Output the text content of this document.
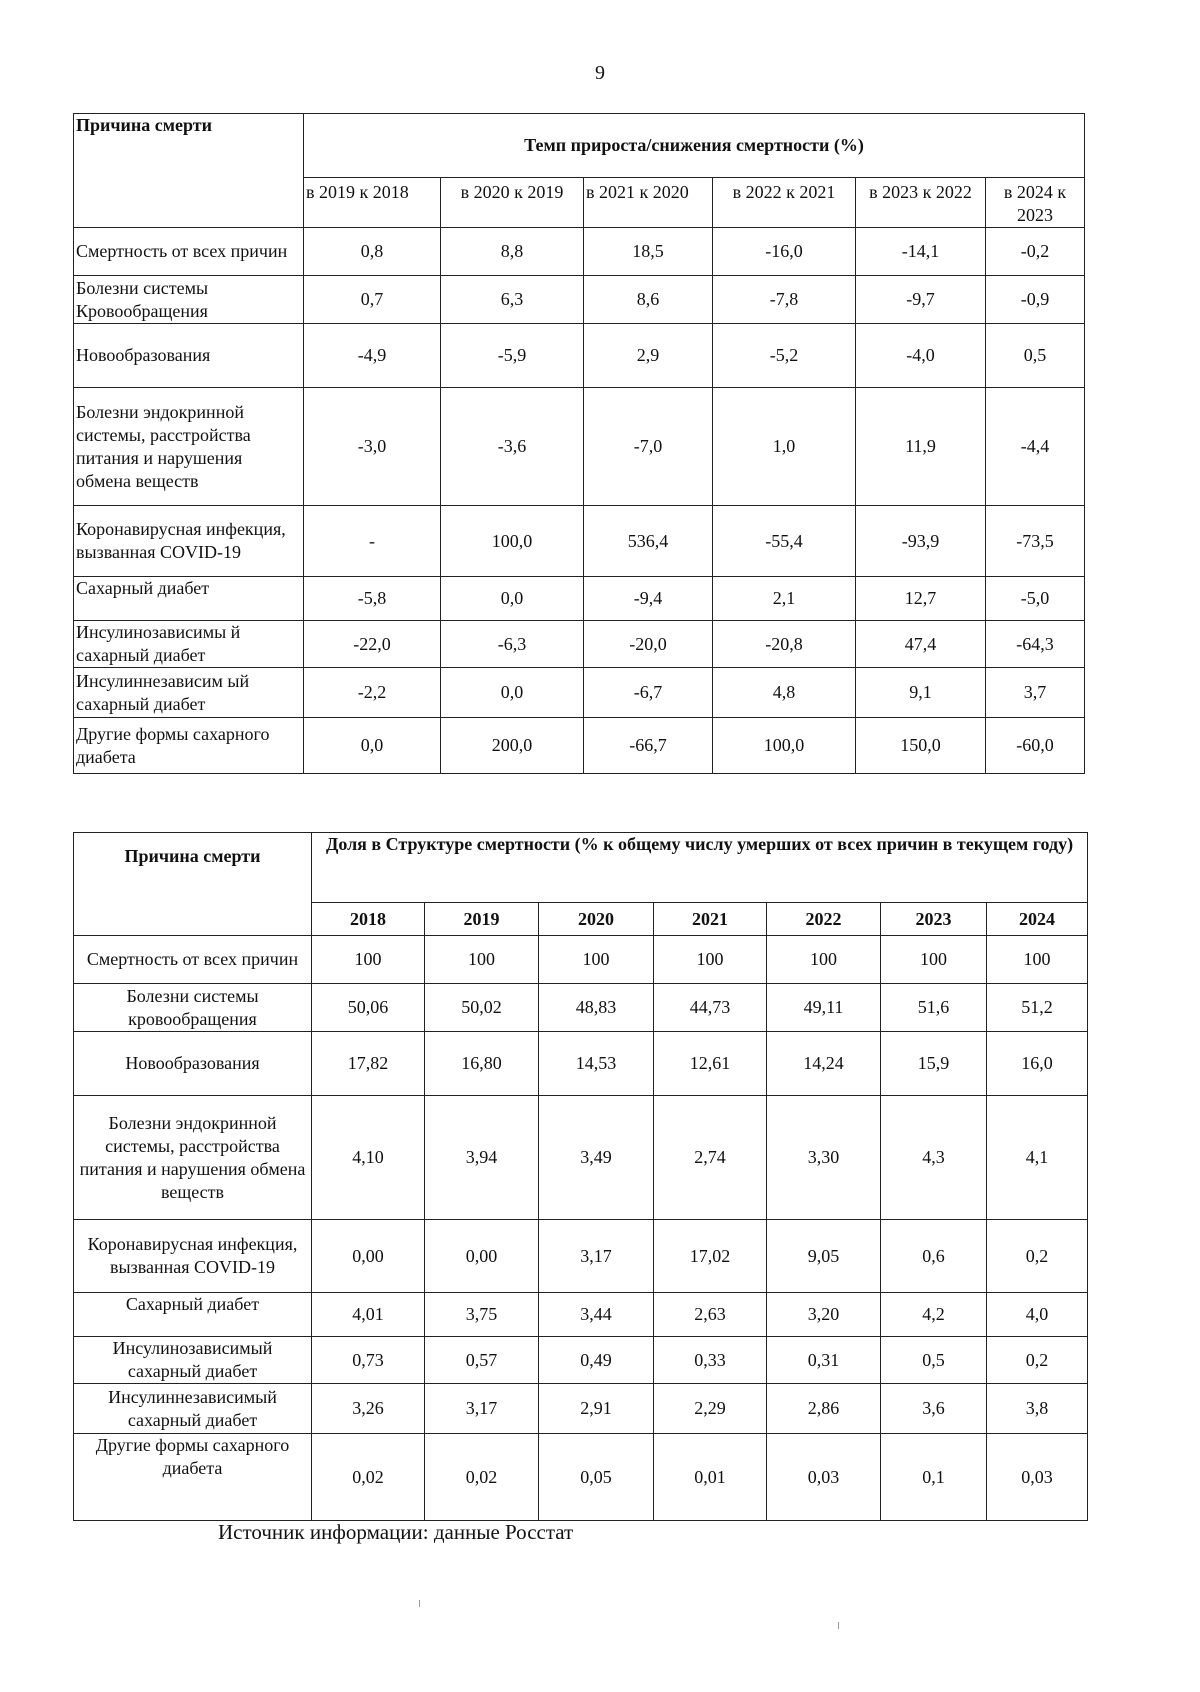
9
Причина смерти	Темп прироста/снижения смертности (%)					
	в 2019 к 2018	в 2020 к 2019	в 2021 к 2020	в 2022 к 2021	в 2023 к 2022	в 2024 к 2023
Смертность от всех причин	0,8	8,8	18,5	-16,0	-14,1	-0,2
Болезни системы Кровообращения	0,7	6,3	8,6	-7,8	-9,7	-0,9
Новообразования	-4,9	-5,9	2,9	-5,2	-4,0	0,5
Болезни эндокринной системы, расстройства питания и нарушения обмена веществ	-3,0	-3,6	-7,0	1,0	11,9	-4,4
Коронавирусная инфекция, вызванная COVID-19	-	100,0	536,4	-55,4	-93,9	-73,5
Сахарный диабет	-5,8	0,0	-9,4	2,1	12,7	-5,0
Инсулинозависимы й сахарный диабет	-22,0	-6,3	-20,0	-20,8	47,4	-64,3
Инсулиннезависим ый сахарный диабет	-2,2	0,0	-6,7	4,8	9,1	3,7
Другие формы сахарного диабета	0,0	200,0	-66,7	100,0	150,0	-60,0
Причина смерти	Доля в Структуре смертности (% к общему числу умерших от всех причин в текущем году)						
	2018	2019	2020	2021	2022	2023	2024
Смертность от всех причин	100	100	100	100	100	100	100
Болезни системы кровообращения	50,06	50,02	48,83	44,73	49,11	51,6	51,2
Новообразования	17,82	16,80	14,53	12,61	14,24	15,9	16,0
Болезни эндокринной системы, расстройства питания и нарушения обмена веществ	4,10	3,94	3,49	2,74	3,30	4,3	4,1
Коронавирусная инфекция, вызванная COVID-19	0,00	0,00	3,17	17,02	9,05	0,6	0,2
Сахарный диабет	4,01	3,75	3,44	2,63	3,20	4,2	4,0
Инсулинозависимый сахарный диабет	0,73	0,57	0,49	0,33	0,31	0,5	0,2
Инсулиннезависимый сахарный диабет	3,26	3,17	2,91	2,29	2,86	3,6	3,8
Другие формы сахарного диабета	0,02	0,02	0,05	0,01	0,03	0,1	0,03
Источник информации: данные Росстат
